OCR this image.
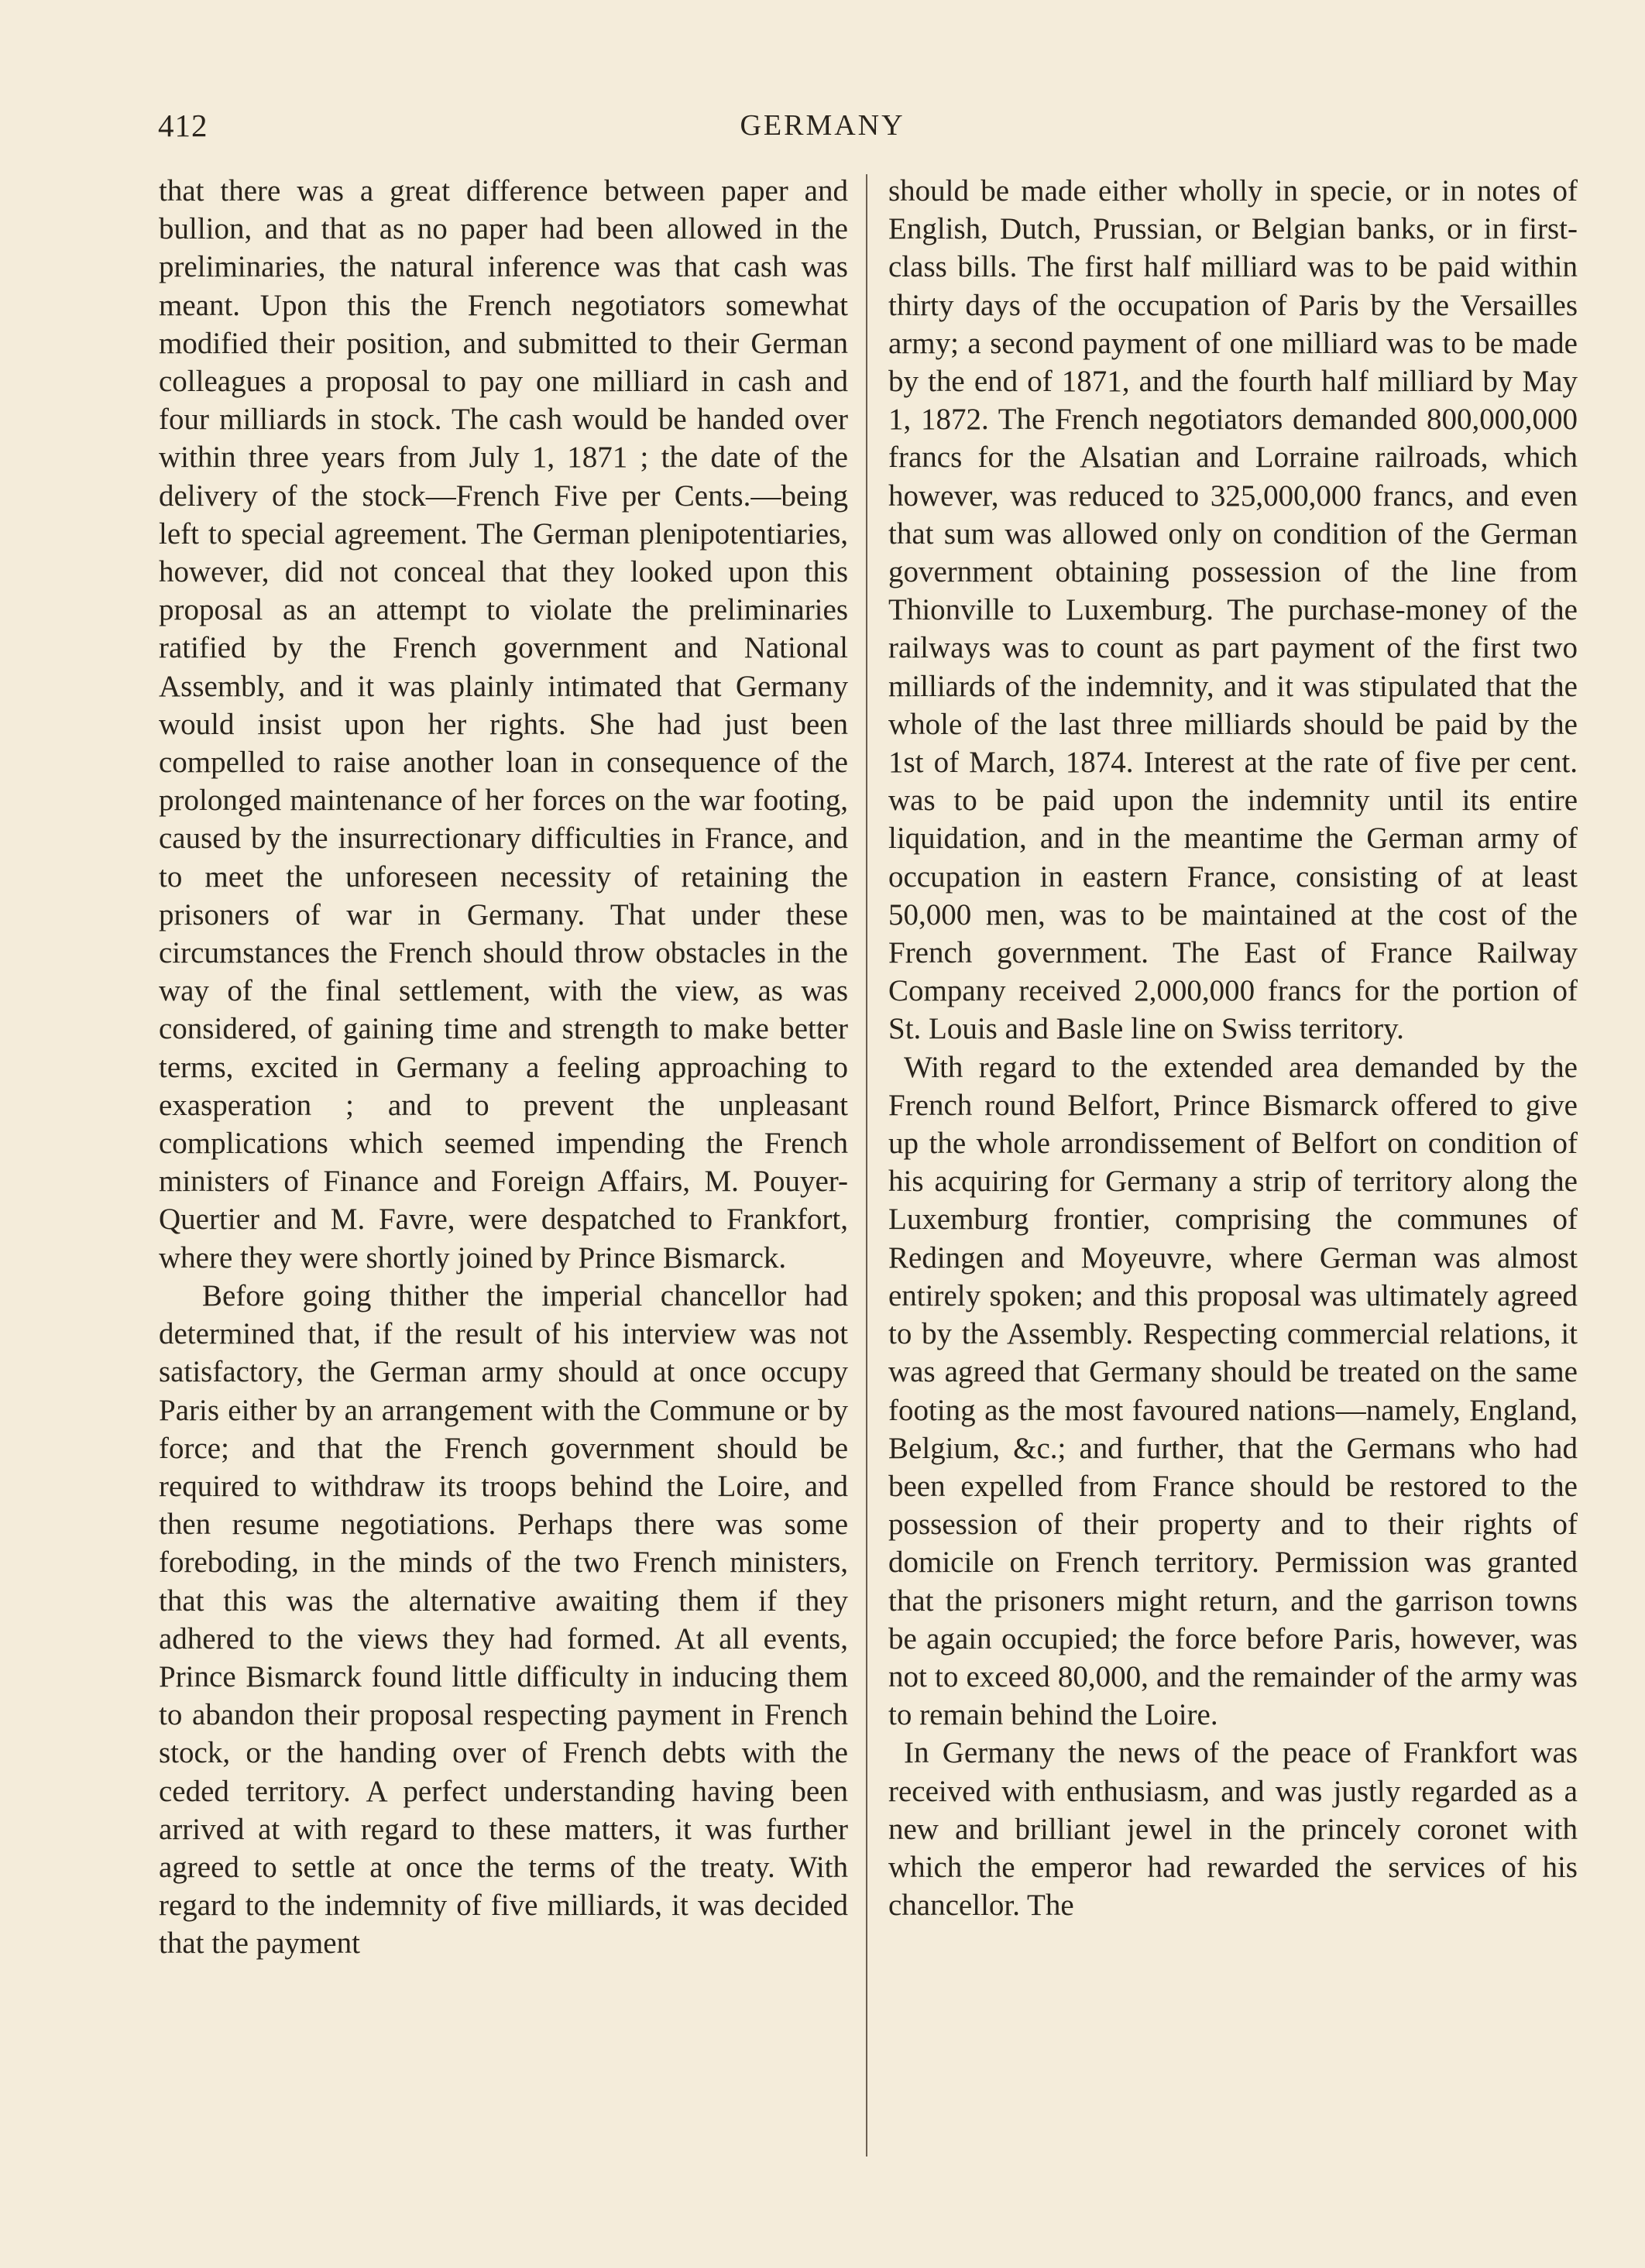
412	GERMANY

that there was a great difference between paper and bullion, and that as no paper had been allowed in the preliminaries, the natural inference was that cash was meant. Upon this the French negotiators somewhat modified their position, and submitted to their German colleagues a proposal to pay one milliard in cash and four milliards in stock. The cash would be handed over within three years from July 1, 1871 ; the date of the delivery of the stock—French Five per Cents.—being left to special agreement. The German plenipotentiaries, however, did not conceal that they looked upon this proposal as an attempt to violate the preliminaries ratified by the French government and National Assembly, and it was plainly intimated that Germany would insist upon her rights. She had just been compelled to raise another loan in consequence of the prolonged maintenance of her forces on the war footing, caused by the insurrectionary difficulties in France, and to meet the unforeseen necessity of retaining the prisoners of war in Germany. That under these circumstances the French should throw obstacles in the way of the final settlement, with the view, as was considered, of gaining time and strength to make better terms, excited in Germany a feeling approaching to exasperation ; and to prevent the unpleasant complications which seemed impending the French ministers of Finance and Foreign Affairs, M. Pouyer-Quertier and M. Favre, were despatched to Frankfort, where they were shortly joined by Prince Bismarck.

Before going thither the imperial chancellor had determined that, if the result of his interview was not satisfactory, the German army should at once occupy Paris either by an arrangement with the Commune or by force; and that the French government should be required to withdraw its troops behind the Loire, and then resume negotiations. Perhaps there was some foreboding, in the minds of the two French ministers, that this was the alternative awaiting them if they adhered to the views they had formed. At all events, Prince Bismarck found little difficulty in inducing them to abandon their proposal respecting payment in French stock, or the handing over of French debts with the ceded territory. A perfect understanding having been arrived at with regard to these matters, it was further agreed to settle at once the terms of the treaty. With regard to the indemnity of five milliards, it was decided that the payment

should be made either wholly in specie, or in notes of English, Dutch, Prussian, or Belgian banks, or in first-class bills. The first half milliard was to be paid within thirty days of the occupation of Paris by the Versailles army; a second payment of one milliard was to be made by the end of 1871, and the fourth half milliard by May 1, 1872. The French negotiators demanded 800,000,000 francs for the Alsatian and Lorraine railroads, which however, was reduced to 325,000,000 francs, and even that sum was allowed only on condition of the German government obtaining possession of the line from Thionville to Luxemburg. The purchase-money of the railways was to count as part payment of the first two milliards of the indemnity, and it was stipulated that the whole of the last three milliards should be paid by the 1st of March, 1874. Interest at the rate of five per cent. was to be paid upon the indemnity until its entire liquidation, and in the meantime the German army of occupation in eastern France, consisting of at least 50,000 men, was to be maintained at the cost of the French government. The East of France Railway Company received 2,000,000 francs for the portion of St. Louis and Basle line on Swiss territory.

With regard to the extended area demanded by the French round Belfort, Prince Bismarck offered to give up the whole arrondissement of Belfort on condition of his acquiring for Germany a strip of territory along the Luxemburg frontier, comprising the communes of Redingen and Moyeuvre, where German was almost entirely spoken; and this proposal was ultimately agreed to by the Assembly. Respecting commercial relations, it was agreed that Germany should be treated on the same footing as the most favoured nations—namely, England, Belgium, &c.; and further, that the Germans who had been expelled from France should be restored to the possession of their property and to their rights of domicile on French territory. Permission was granted that the prisoners might return, and the garrison towns be again occupied; the force before Paris, however, was not to exceed 80,000, and the remainder of the army was to remain behind the Loire.

In Germany the news of the peace of Frankfort was received with enthusiasm, and was justly regarded as a new and brilliant jewel in the princely coronet with which the emperor had rewarded the services of his chancellor. The
